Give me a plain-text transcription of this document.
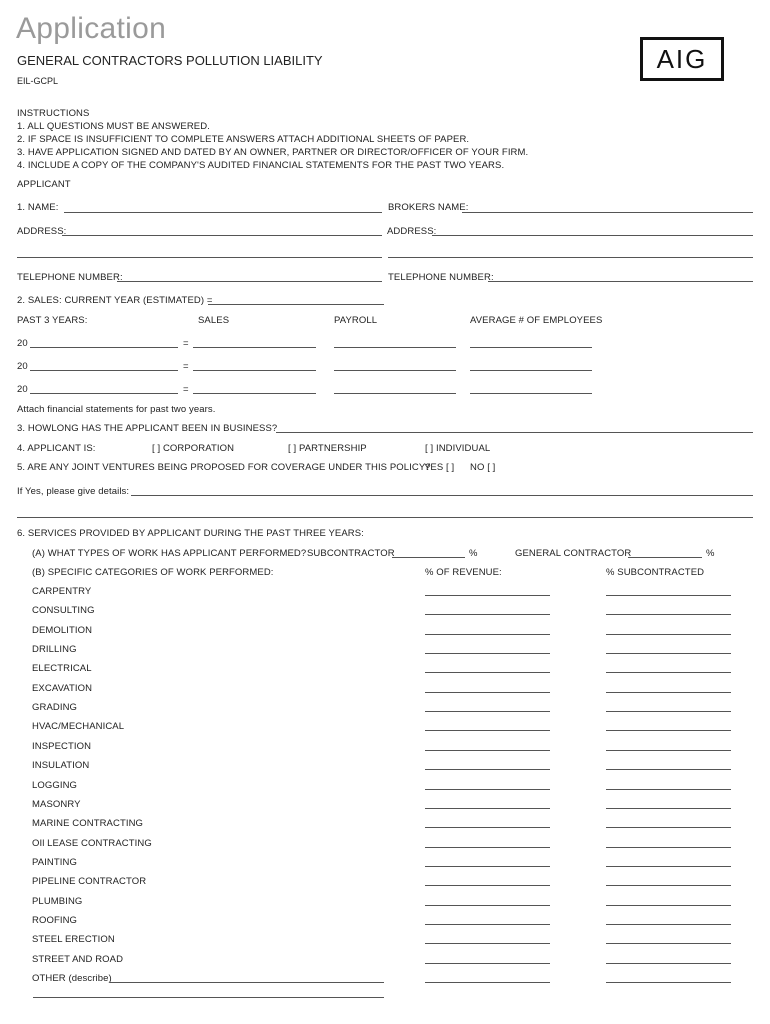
Application
GENERAL CONTRACTORS POLLUTION LIABILITY
EIL-GCPL
AIG
INSTRUCTIONS
1. ALL QUESTIONS MUST BE ANSWERED.
2. IF SPACE IS INSUFFICIENT TO COMPLETE ANSWERS ATTACH ADDITIONAL SHEETS OF PAPER.
3. HAVE APPLICATION SIGNED AND DATED BY AN OWNER, PARTNER OR DIRECTOR/OFFICER OF YOUR FIRM.
4. INCLUDE A COPY OF THE COMPANY'S AUDITED FINANCIAL STATEMENTS FOR THE PAST TWO YEARS.
APPLICANT
1. NAME:	BROKERS NAME:
ADDRESS:	ADDRESS:
TELEPHONE NUMBER:	TELEPHONE NUMBER:
2. SALES: CURRENT YEAR (ESTIMATED) =
PAST 3 YEARS:	SALES	PAYROLL	AVERAGE # OF EMPLOYEES
20	=
20	=
20	=
Attach financial statements for past two years.
3. HOWLONG HAS THE APPLICANT BEEN IN BUSINESS?
4. APPLICANT IS:	[ ] CORPORATION	[ ] PARTNERSHIP	[ ] INDIVIDUAL
5. ARE ANY JOINT VENTURES BEING PROPOSED FOR COVERAGE UNDER THIS POLICY?
YES [ ] NO [ ]
If Yes, please give details:
6. SERVICES PROVIDED BY APPLICANT DURING THE PAST THREE YEARS:
(A) WHAT TYPES OF WORK HAS APPLICANT PERFORMED? SUBCONTRACTOR	%	GENERAL CONTRACTOR	%
(B) SPECIFIC CATEGORIES OF WORK PERFORMED:	% OF REVENUE:	% SUBCONTRACTED
CARPENTRY
CONSULTING
DEMOLITION
DRILLING
ELECTRICAL
EXCAVATION
GRADING
HVAC/MECHANICAL
INSPECTION
INSULATION
LOGGING
MASONRY
MARINE CONTRACTING
OIl LEASE CONTRACTING
PAINTING
PIPELINE CONTRACTOR
PLUMBING
ROOFING
STEEL ERECTION
STREET AND ROAD
OTHER (describe)
